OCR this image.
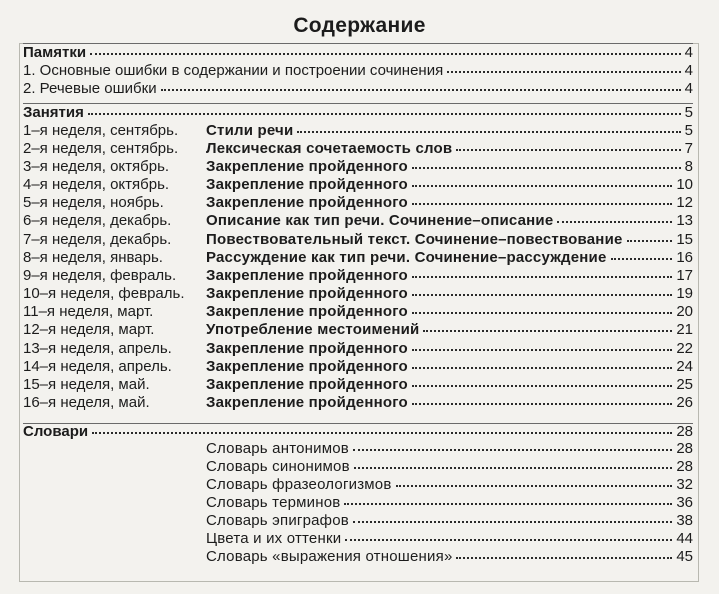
Содержание
Памятки	4
1. Основные ошибки в содержании и построении сочинения	4
2. Речевые ошибки	4
Занятия	5
1–я неделя, сентябрь. Стили речи	5
2–я неделя, сентябрь. Лексическая сочетаемость слов	7
3–я неделя, октябрь. Закрепление пройденного	8
4–я неделя, октябрь. Закрепление пройденного	10
5–я неделя, ноябрь.	Закрепление пройденного	12
6–я неделя, декабрь. Описание как тип речи. Сочинение–описание	13
7–я неделя, декабрь. Повествовательный текст. Сочинение–повествование	15
8–я неделя, январь.	Рассуждение как тип речи. Сочинение–рассуждение	16
9–я неделя, февраль. Закрепление пройденного	17
10–я неделя, февраль. Закрепление пройденного	19
11–я неделя, март.	Закрепление пройденного	20
12–я неделя, март.	Употребление местоимений	21
13–я неделя, апрель. Закрепление пройденного	22
14–я неделя, апрель. Закрепление пройденного	24
15–я неделя, май.	Закрепление пройденного	25
16–я неделя, май.	Закрепление пройденного	26
Словари	28
Словарь антонимов	28
Словарь синонимов	28
Словарь фразеологизмов	32
Словарь терминов	36
Словарь эпиграфов	38
Цвета и их оттенки	44
Словарь «выражения отношения»	45
